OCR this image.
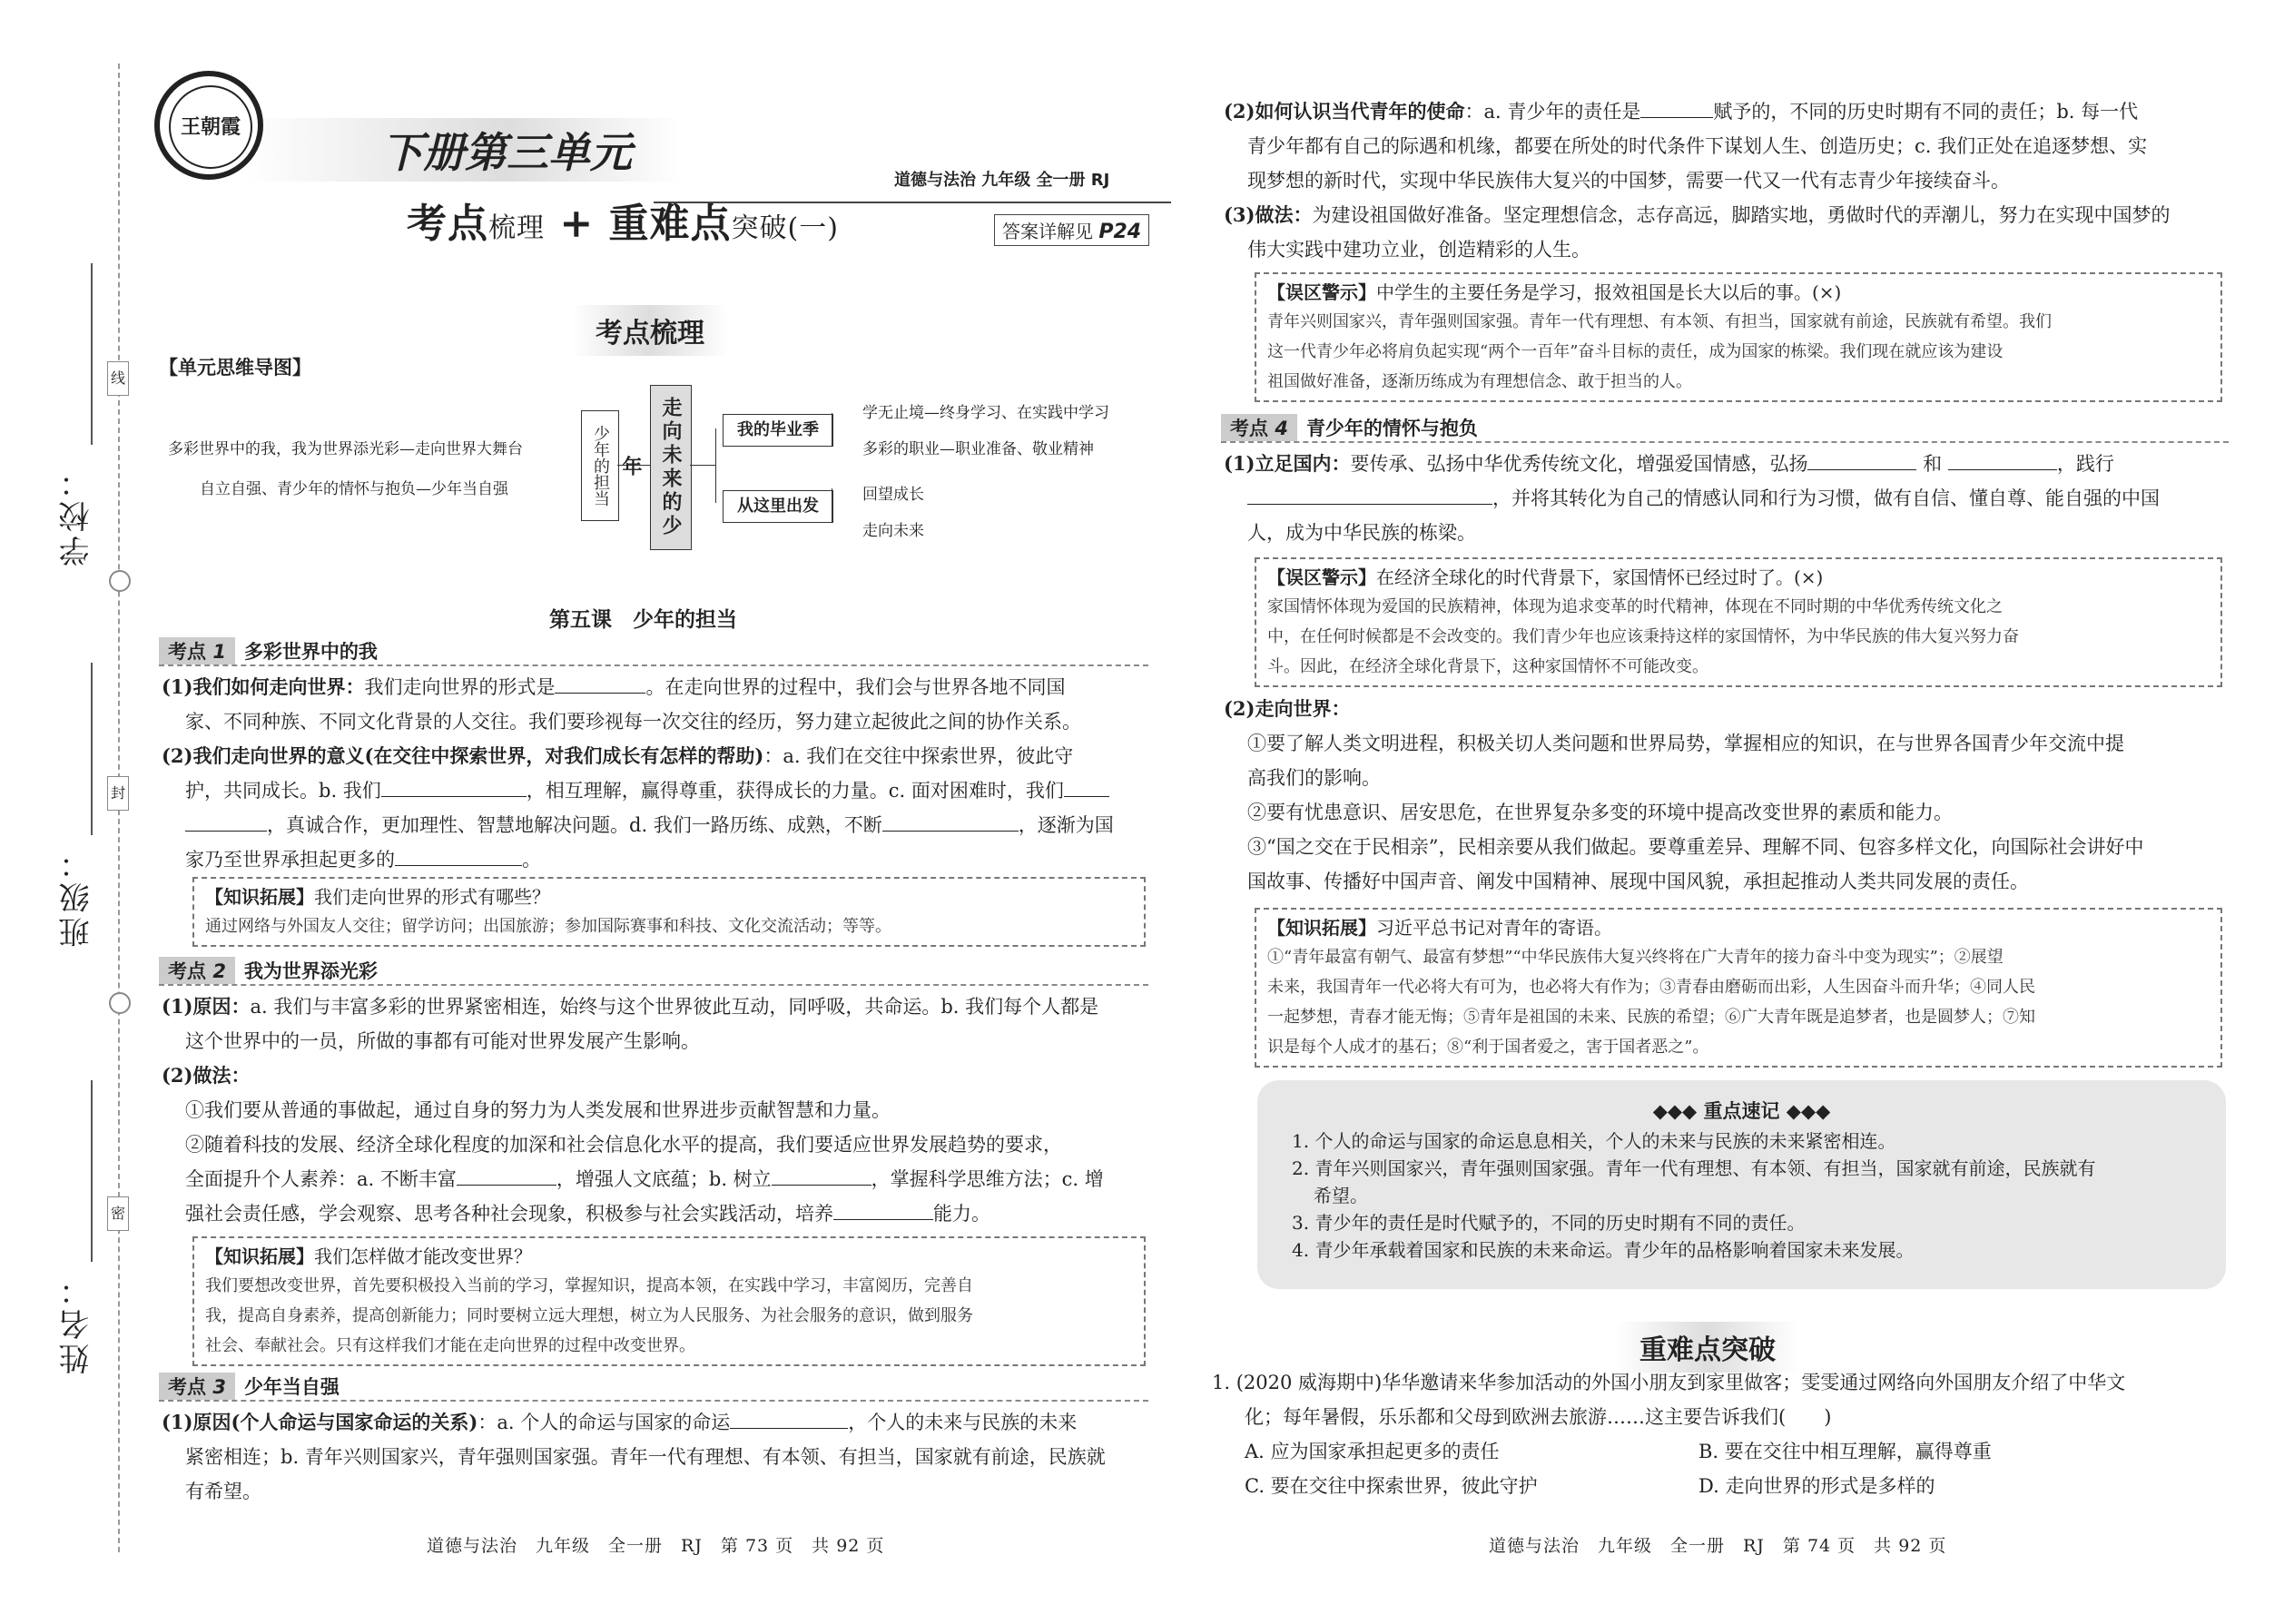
学校：
班级：
姓名：
线
封
密
王朝霞
下册第三单元
考点梳理 + 重难点突破(一)
道德与法治 九年级 全一册 RJ
答案详解见 P24
考点梳理
【单元思维导图】
多彩世界中的我，我为世界添光彩—走向世界大舞台
自立自强、青少年的情怀与抱负—少年当自强	少年的担当	走向未来的少年
我的毕业季
从这里出发
学无止境—终身学习、在实践中学习
多彩的职业—职业准备、敬业精神
回望成长
走向未来
第五课　少年的担当
考点 1 多彩世界中的我
(1)我们如何走向世界：我们走向世界的形式是	。在走向世界的过程中，我们会与世界各地不同国
家、不同种族、不同文化背景的人交往。我们要珍视每一次交往的经历，努力建立起彼此之间的协作关系。
(2)我们走向世界的意义(在交往中探索世界，对我们成长有怎样的帮助)：a. 我们在交往中探索世界，彼此守
护，共同成长。b. 我们	，相互理解，赢得尊重，获得成长的力量。c. 面对困难时，我们
，真诚合作，更加理性、智慧地解决问题。d. 我们一路历练、成熟，不断	，逐渐为国
家乃至世界承担起更多的	。
【知识拓展】我们走向世界的形式有哪些？
通过网络与外国友人交往；留学访问；出国旅游；参加国际赛事和科技、文化交流活动；等等。
考点 2 我为世界添光彩
(1)原因：a. 我们与丰富多彩的世界紧密相连，始终与这个世界彼此互动，同呼吸，共命运。b. 我们每个人都是
这个世界中的一员，所做的事都有可能对世界发展产生影响。
(2)做法：
①我们要从普通的事做起，通过自身的努力为人类发展和世界进步贡献智慧和力量。
②随着科技的发展、经济全球化程度的加深和社会信息化水平的提高，我们要适应世界发展趋势的要求，
全面提升个人素养：a. 不断丰富	，增强人文底蕴；b. 树立	，掌握科学思维方法；c. 增
强社会责任感，学会观察、思考各种社会现象，积极参与社会实践活动，培养	能力。
【知识拓展】我们怎样做才能改变世界？
我们要想改变世界，首先要积极投入当前的学习，掌握知识，提高本领，在实践中学习，丰富阅历，完善自
我，提高自身素养，提高创新能力；同时要树立远大理想，树立为人民服务、为社会服务的意识，做到服务
社会、奉献社会。只有这样我们才能在走向世界的过程中改变世界。
考点 3 少年当自强
(1)原因(个人命运与国家命运的关系)：a. 个人的命运与国家的命运	，个人的未来与民族的未来
紧密相连；b. 青年兴则国家兴，青年强则国家强。青年一代有理想、有本领、有担当，国家就有前途，民族就
有希望。
道德与法治　九年级　全一册　RJ　第 73 页　共 92 页
(2)如何认识当代青年的使命：a. 青少年的责任是	赋予的，不同的历史时期有不同的责任；b. 每一代
青少年都有自己的际遇和机缘，都要在所处的时代条件下谋划人生、创造历史；c. 我们正处在追逐梦想、实
现梦想的新时代，实现中华民族伟大复兴的中国梦，需要一代又一代有志青少年接续奋斗。
(3)做法：为建设祖国做好准备。坚定理想信念，志存高远，脚踏实地，勇做时代的弄潮儿，努力在实现中国梦的
伟大实践中建功立业，创造精彩的人生。
【误区警示】中学生的主要任务是学习，报效祖国是长大以后的事。(×)
青年兴则国家兴，青年强则国家强。青年一代有理想、有本领、有担当，国家就有前途，民族就有希望。我们
这一代青少年必将肩负起实现“两个一百年”奋斗目标的责任，成为国家的栋梁。我们现在就应该为建设
祖国做好准备，逐渐历练成为有理想信念、敢于担当的人。
考点 4 青少年的情怀与抱负
(1)立足国内：要传承、弘扬中华优秀传统文化，增强爱国情感，弘扬	和	，践行
，并将其转化为自己的情感认同和行为习惯，做有自信、懂自尊、能自强的中国
人，成为中华民族的栋梁。
【误区警示】在经济全球化的时代背景下，家国情怀已经过时了。(×)
家国情怀体现为爱国的民族精神，体现为追求变革的时代精神，体现在不同时期的中华优秀传统文化之
中，在任何时候都是不会改变的。我们青少年也应该秉持这样的家国情怀，为中华民族的伟大复兴努力奋
斗。因此，在经济全球化背景下，这种家国情怀不可能改变。
(2)走向世界：
①要了解人类文明进程，积极关切人类问题和世界局势，掌握相应的知识，在与世界各国青少年交流中提
高我们的影响。
②要有忧患意识、居安思危，在世界复杂多变的环境中提高改变世界的素质和能力。
③“国之交在于民相亲”，民相亲要从我们做起。要尊重差异、理解不同、包容多样文化，向国际社会讲好中
国故事、传播好中国声音、阐发中国精神、展现中国风貌，承担起推动人类共同发展的责任。
【知识拓展】习近平总书记对青年的寄语。
①“青年最富有朝气、最富有梦想”“中华民族伟大复兴终将在广大青年的接力奋斗中变为现实”；②展望
未来，我国青年一代必将大有可为，也必将大有作为；③青春由磨砺而出彩，人生因奋斗而升华；④同人民
一起梦想，青春才能无悔；⑤青年是祖国的未来、民族的希望；⑥广大青年既是追梦者，也是圆梦人；⑦知
识是每个人成才的基石；⑧“利于国者爱之，害于国者恶之”。
◆◆◆ 重点速记 ◆◆◆
1. 个人的命运与国家的命运息息相关，个人的未来与民族的未来紧密相连。
2. 青年兴则国家兴，青年强则国家强。青年一代有理想、有本领、有担当，国家就有前途，民族就有
希望。
3. 青少年的责任是时代赋予的，不同的历史时期有不同的责任。
4. 青少年承载着国家和民族的未来命运。青少年的品格影响着国家未来发展。
重难点突破
1. (2020 威海期中)华华邀请来华参加活动的外国小朋友到家里做客；雯雯通过网络向外国朋友介绍了中华文
化；每年暑假，乐乐都和父母到欧洲去旅游……这主要告诉我们(　　)
A. 应为国家承担起更多的责任	B. 要在交往中相互理解，赢得尊重
C. 要在交往中探索世界，彼此守护	D. 走向世界的形式是多样的
道德与法治　九年级　全一册　RJ　第 74 页　共 92 页
